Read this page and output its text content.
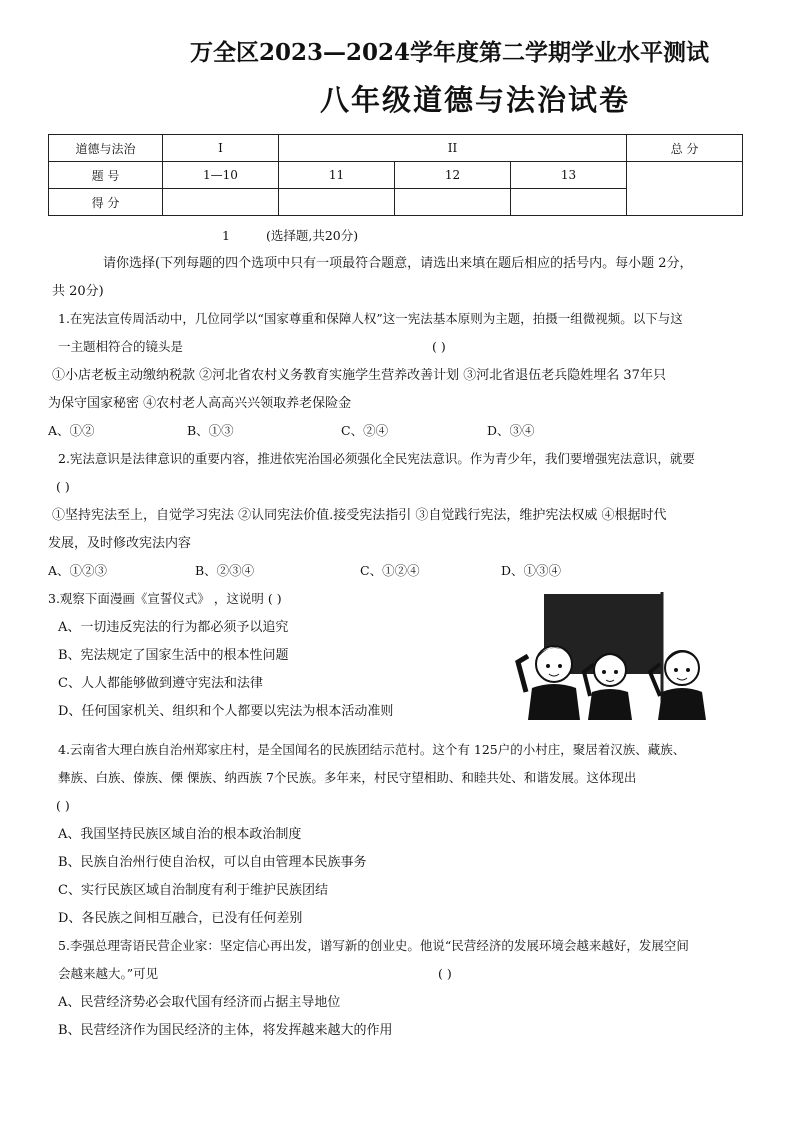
万全区2023—2024学年度第二学期学业水平测试
八年级道德与法治试卷
道德与法治	I	II			总 分
题 号	1—10	11	12	13	
得 分					
1	(选择题,共20分)
请你选择(下列每题的四个选项中只有一项最符合题意，请选出来填在题后相应的括号内。每小题 2分，
共 20分)
1.在宪法宣传周活动中，几位同学以“国家尊重和保障人权”这一宪法基本原则为主题，拍摄一组微视频。以下与这
一主题相符合的镜头是	( )
①小店老板主动缴纳税款 ②河北省农村义务教育实施学生营养改善计划 ③河北省退伍老兵隐姓埋名 37年只
为保守国家秘密 ④农村老人高高兴兴领取养老保险金
A、①②	B、①③	C、②④	D、③④
2.宪法意识是法律意识的重要内容，推进依宪治国必须强化全民宪法意识。作为青少年，我们要增强宪法意识，就要
( )
①坚持宪法至上，自觉学习宪法 ②认同宪法价值.接受宪法指引 ③自觉践行宪法，维护宪法权威 ④根据时代
发展，及时修改宪法内容
A、①②③	B、②③④	C、①②④	D、①③④
3.观察下面漫画《宣誓仪式》 ，这说明 ( )
A、一切违反宪法的行为都必须予以追究
B、宪法规定了国家生活中的根本性问题
C、人人都能够做到遵守宪法和法律
D、任何国家机关、组织和个人都要以宪法为根本活动准则
4.云南省大理白族自治州郑家庄村，是全国闻名的民族团结示范村。这个有 125户的小村庄，聚居着汉族、藏族、
彝族、白族、傣族、傈 傈族、纳西族 7个民族。多年来，村民守望相助、和睦共处、和谐发展。这体现出
( )
A、我国坚持民族区域自治的根本政治制度
B、民族自治州行使自治权，可以自由管理本民族事务
C、实行民族区域自治制度有利于维护民族团结
D、各民族之间相互融合，已没有任何差别
5.李强总理寄语民营企业家：坚定信心再出发，谱写新的创业史。他说“民营经济的发展环境会越来越好，发展空间
会越来越大。”可见	( )
A、民营经济势必会取代国有经济而占据主导地位
B、民营经济作为国民经济的主体，将发挥越来越大的作用
